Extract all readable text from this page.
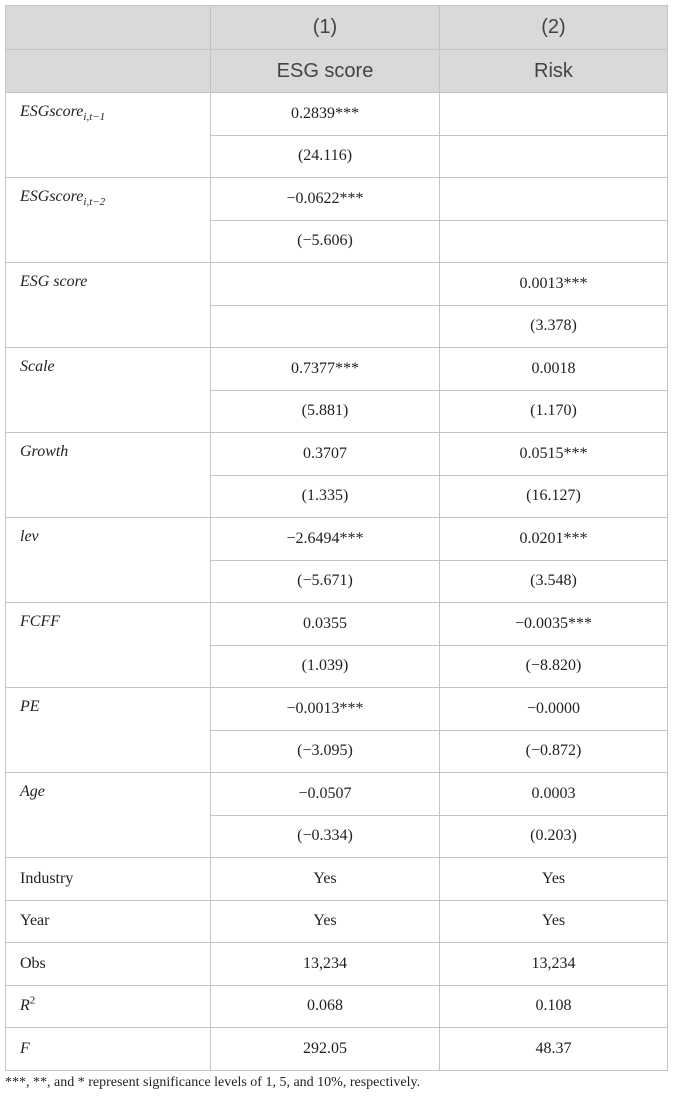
	(1)	(2)
	ESG score	Risk
ESGscore$_{i,t-1}$	0.2839***	
	(24.116)	
ESGscore$_{i,t-2}$	−0.0622***	
	(−5.606)	
ESG score		0.0013***
		(3.378)
Scale	0.7377***	0.0018
	(5.881)	(1.170)
Growth	0.3707	0.0515***
	(1.335)	(16.127)
lev	−2.6494***	0.0201***
	(−5.671)	(3.548)
FCFF	0.0355	−0.0035***
	(1.039)	(−8.820)
PE	−0.0013***	−0.0000
	(−3.095)	(−0.872)
Age	−0.0507	0.0003
	(−0.334)	(0.203)
Industry	Yes	Yes
Year	Yes	Yes
Obs	13,234	13,234
$R^2$	0.068	0.108
F	292.05	48.37
***, **, and * represent significance levels of 1, 5, and 10%, respectively.
